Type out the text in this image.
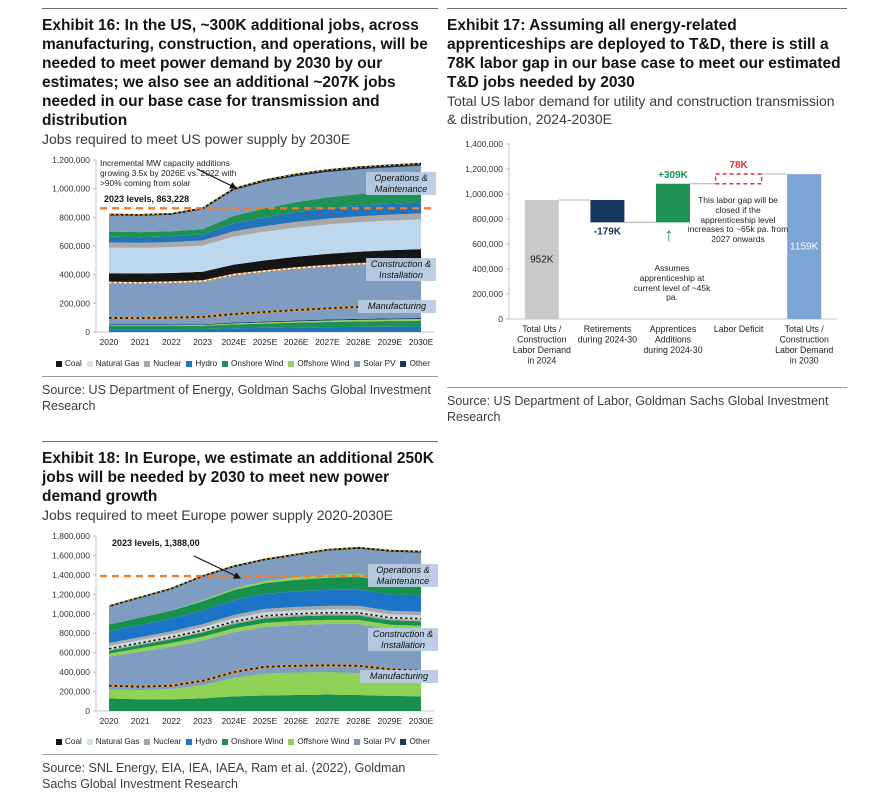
Exhibit 16: In the US, ~300K additional jobs, across manufacturing, construction, and operations, will be needed to meet power demand by 2030 by our estimates; we also see an additional ~207K jobs needed in our base case for transmission and distribution

Jobs required to meet US power supply by 2030E

0
200,000
400,000
600,000
800,000
1,000,000
1,200,000
2020 2021 2022 2023 2024E 2025E 2026E 2027E 2028E 2029E 2030E
Incremental MW capacity additions growing 3.5x by 2026E vs. 2022 with >90% coming from solar
2023 levels, 863,228
Operations & Maintenance
Construction & Installation
Manufacturing
Coal Natural Gas Nuclear Hydro Onshore Wind Offshore Wind Solar PV Other

Source: US Department of Energy, Goldman Sachs Global Investment Research

Exhibit 17: Assuming all energy-related apprenticeships are deployed to T&D, there is still a 78K labor gap in our base case to meet our estimated T&D jobs needed by 2030

Total US labor demand for utility and construction transmission & distribution, 2024-2030E

0
200,000
400,000
600,000
800,000
1,000,000
1,200,000
1,400,000
952K
Total Uts /
Construction
Labor Demand
in 2024
-179K
Retirements
during 2024-30
+309K
Apprentices
Additions
during 2024-30
78K
Labor Deficit
1159K
Total Uts /
Construction
Labor Demand
in 2030
This labor gap will be closed if the apprenticeship level increases to ~65k pa. from 2027 onwards
↑
Assumes apprenticeship at current level of ~45k pa.

Source: US Department of Labor, Goldman Sachs Global Investment Research

Exhibit 18: In Europe, we estimate an additional 250K jobs will be needed by 2030 to meet new power demand growth

Jobs required to meet Europe power supply 2020-2030E

0
200,000
400,000
600,000
800,000
1,000,000
1,200,000
1,400,000
1,600,000
1,800,000
2020 2021 2022 2023 2024E 2025E 2026E 2027E 2028E 2029E 2030E
2023 levels, 1,388,00
Operations & Maintenance
Construction & Installation
Manufacturing
Coal Natural Gas Nuclear Hydro Onshore Wind Offshore Wind Solar PV Other

Source: SNL Energy, EIA, IEA, IAEA, Ram et al. (2022), Goldman Sachs Global Investment Research
